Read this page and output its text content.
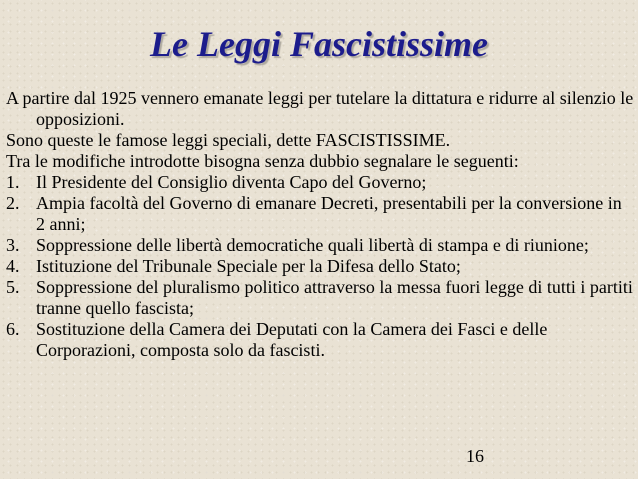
Le Leggi Fascistissime

A partire dal 1925 vennero emanate leggi per tutelare la dittatura e ridurre al silenzio le opposizioni.

Sono queste le famose leggi speciali, dette FASCISTISSIME.

Tra le modifiche introdotte bisogna senza dubbio segnalare le seguenti:

1. Il Presidente del Consiglio diventa Capo del Governo;
2. Ampia facoltà del Governo di emanare Decreti, presentabili per la conversione in 2 anni;
3. Soppressione delle libertà democratiche quali libertà di stampa e di riunione;
4. Istituzione del Tribunale Speciale per la Difesa dello Stato;
5. Soppressione del pluralismo politico attraverso la messa fuori legge di tutti i partiti tranne quello fascista;
6. Sostituzione della Camera dei Deputati con la Camera dei Fasci e delle Corporazioni, composta solo da fascisti.
16
